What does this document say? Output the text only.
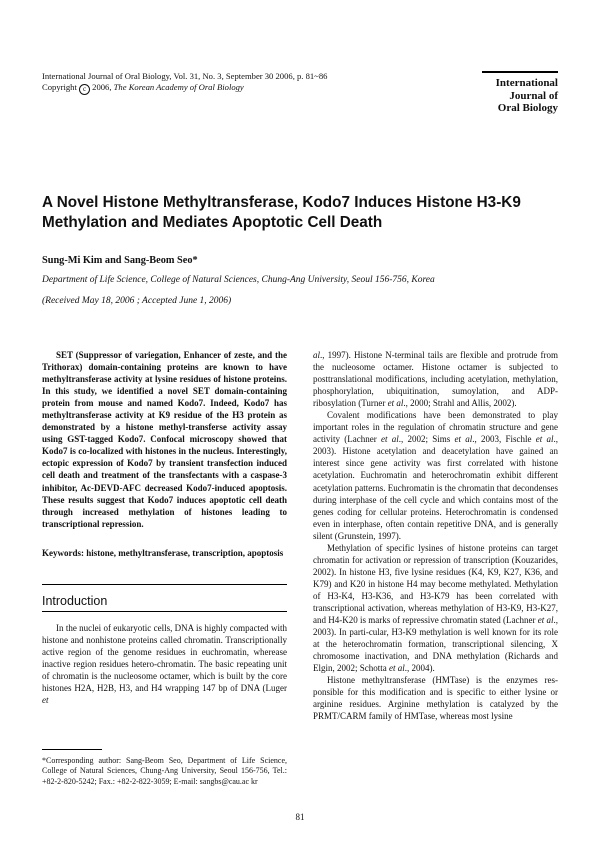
International Journal of Oral Biology, Vol. 31, No. 3, September 30 2006, p. 81~86
Copyright c 2006, The Korean Academy of Oral Biology	International
Journal of
Oral Biology
A Novel Histone Methyltransferase, Kodo7 Induces Histone H3-K9 Methylation and Mediates Apoptotic Cell Death
Sung-Mi Kim and Sang-Beom Seo*
Department of Life Science, College of Natural Sciences, Chung-Ang University, Seoul 156-756, Korea
(Received May 18, 2006 ; Accepted June 1, 2006)

SET (Suppressor of variegation, Enhancer of zeste, and the Trithorax) domain-containing proteins are known to have methyltransferase activity at lysine residues of histone proteins. In this study, we identified a novel SET domain-containing protein from mouse and named Kodo7. Indeed, Kodo7 has methyltransferase activity at K9 residue of the H3 protein as demonstrated by a histone methyl-transferse activity assay using GST-tagged Kodo7. Confocal microscopy showed that Kodo7 is co-localized with histones in the nucleus. Interestingly, ectopic expression of Kodo7 by transient transfection induced cell death and treatment of the transfectants with a caspase-3 inhibitor, Ac-DEVD-AFC decreased Kodo7-induced apoptosis. These results suggest that Kodo7 induces apoptotic cell death through increased methylation of histones leading to transcriptional repression.

Keywords: histone, methyltransferase, transcription, apoptosis

Introduction

In the nuclei of eukaryotic cells, DNA is highly compacted with histone and nonhistone proteins called chromatin. Transcriptionally active region of the genome residues in euchromatin, wherease inactive region residues hetero-chromatin. The basic repeating unit of chromatin is the nucleosome octamer, which is built by the core histones H2A, H2B, H3, and H4 wrapping 147 bp of DNA (Luger et

*Corresponding author: Sang-Beom Seo, Department of Life Science, College of Natural Sciences, Chung-Ang University, Seoul 156-756, Tel.: +82-2-820-5242; Fax.: +82-2-822-3059; E-mail: sangbs@cau.ac kr

al., 1997). Histone N-terminal tails are flexible and protrude from the nucleosome octamer. Histone octamer is subjected to posttranslational modifications, including acetylation, methylation, phosphorylation, ubiquitination, sumoylation, and ADP-ribosylation (Turner et al., 2000; Strahl and Allis, 2002).

Covalent modifications have been demonstrated to play important roles in the regulation of chromatin structure and gene activity (Lachner et al., 2002; Sims et al., 2003, Fischle et al., 2003). Histone acetylation and deacetylation have gained an interest since gene activity was first correlated with histone acetylation. Euchromatin and heterochromatin exhibit different acetylation patterns. Euchromatin is the chromatin that decondenses during interphase of the cell cycle and which contains most of the genes coding for cellular proteins. Heterochromatin is condensed even in interphase, often contain repetitive DNA, and is generally silent (Grunstein, 1997).

Methylation of specific lysines of histone proteins can target chromatin for activation or repression of transcription (Kouzarides, 2002). In histone H3, five lysine residues (K4, K9, K27, K36, and K79) and K20 in histone H4 may become methylated. Methylation of H3-K4, H3-K36, and H3-K79 has been correlated with transcriptional activation, whereas methylation of H3-K9, H3-K27, and H4-K20 is marks of repressive chromatin stated (Lachner et al., 2003). In parti-cular, H3-K9 methylation is well known for its role at the heterochromatin formation, transcriptional silencing, X chromosome inactivation, and DNA methylation (Richards and Elgin, 2002; Schotta et al., 2004).

Histone methyltransferase (HMTase) is the enzymes res-ponsible for this modification and is specific to either lysine or arginine residues. Arginine methylation is catalyzed by the PRMT/CARM family of HMTase, whereas most lysine

81
